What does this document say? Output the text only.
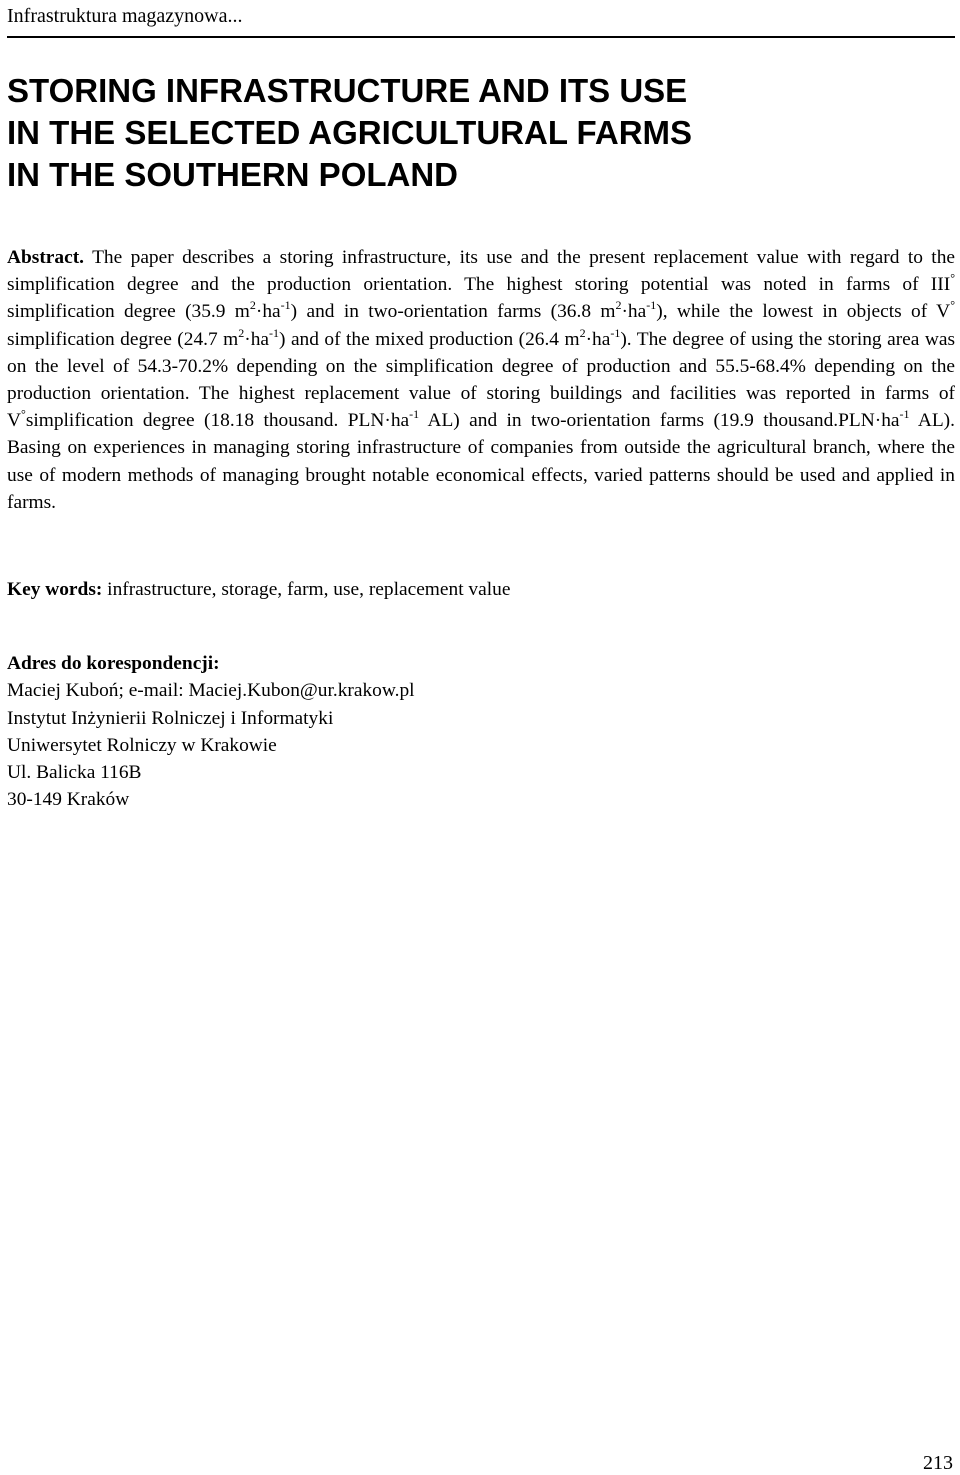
Infrastruktura magazynowa...
STORING INFRASTRUCTURE AND ITS USE
IN THE SELECTED AGRICULTURAL FARMS
IN THE SOUTHERN POLAND

Abstract. The paper describes a storing infrastructure, its use and the present replacement value with regard to the simplification degree and the production orientation. The highest storing potential was noted in farms of III° simplification degree (35.9 $m^2\cdot ha^{-1}$) and in two-orientation farms (36.8 $m^2\cdot ha^{-1}$), while the lowest in objects of V° simplification degree (24.7 $m^2\cdot ha^{-1}$) and of the mixed production (26.4 $m^2\cdot ha^{-1}$). The degree of using the storing area was on the level of 54.3-70.2% depending on the simplification degree of production and 55.5-68.4% depending on the production orientation. The highest replacement value of storing buildings and facilities was reported in farms of V°simplification degree (18.18 thousand. $PLN\cdot ha^{-1}$ AL) and in two-orientation farms (19.9 $thousand.PLN\cdot ha^{-1}$ AL). Basing on experiences in managing storing infrastructure of companies from outside the agricultural branch, where the use of modern methods of managing brought notable economical effects, varied patterns should be used and applied in farms.

Key words: infrastructure, storage, farm, use, replacement value

Adres do korespondencji:
Maciej Kuboń; e-mail: Maciej.Kubon@ur.krakow.pl
Instytut Inżynierii Rolniczej i Informatyki
Uniwersytet Rolniczy w Krakowie
Ul. Balicka 116B
30-149 Kraków
213
